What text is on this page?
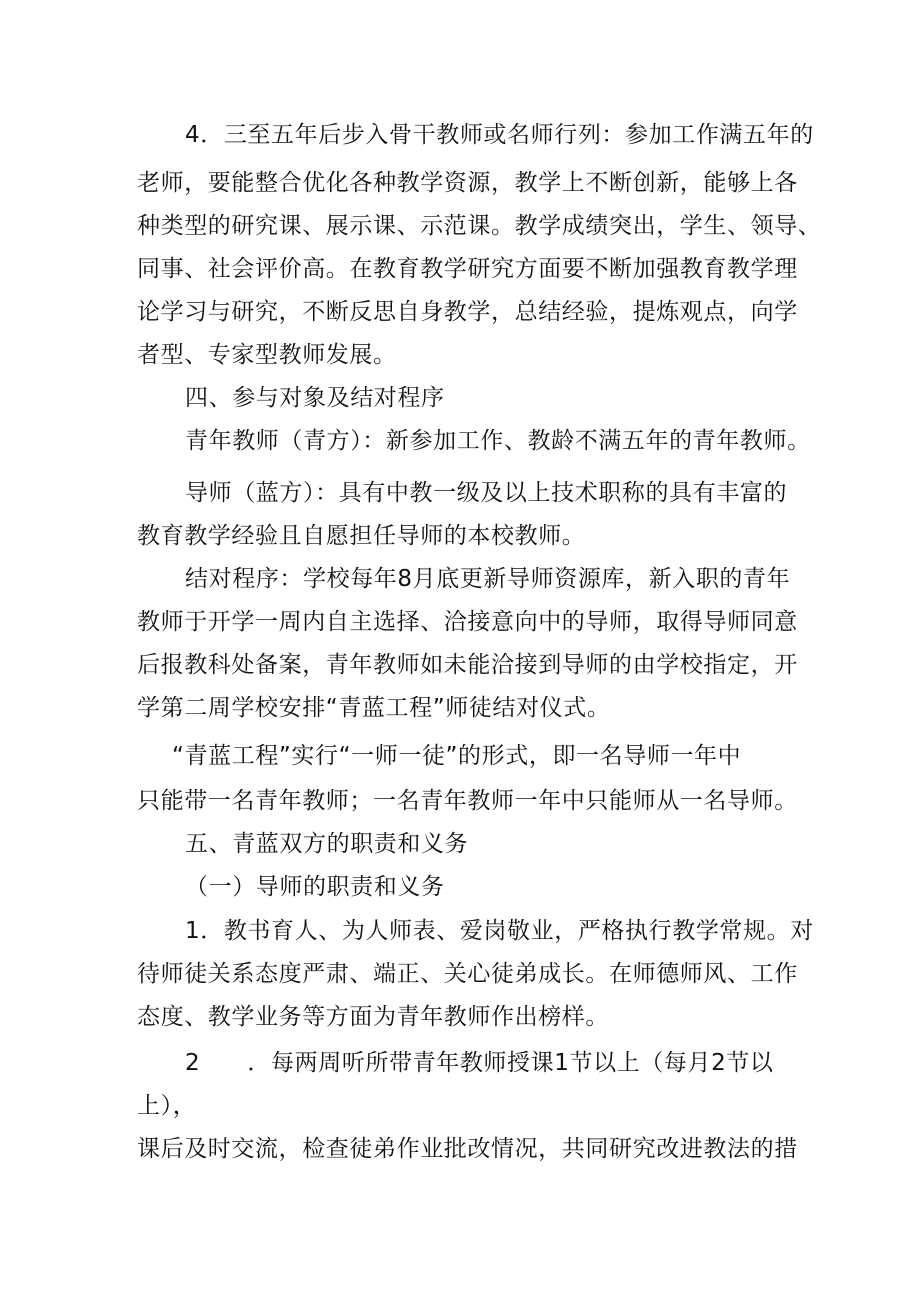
4．三至五年后步入骨干教师或名师行列：参加工作满五年的

老师，要能整合优化各种教学资源，教学上不断创新，能够上各

种类型的研究课、展示课、示范课。教学成绩突出，学生、领导、

同事、社会评价高。在教育教学研究方面要不断加强教育教学理

论学习与研究，不断反思自身教学，总结经验，提炼观点，向学

者型、专家型教师发展。

四、参与对象及结对程序

青年教师（青方）：新参加工作、教龄不满五年的青年教师。

导师（蓝方）：具有中教一级及以上技术职称的具有丰富的

教育教学经验且自愿担任导师的本校教师。

结对程序：学校每年8月底更新导师资源库，新入职的青年

教师于开学一周内自主选择、洽接意向中的导师，取得导师同意

后报教科处备案，青年教师如未能洽接到导师的由学校指定，开

学第二周学校安排“青蓝工程”师徒结对仪式。

“青蓝工程”实行“一师一徒”的形式，即一名导师一年中

只能带一名青年教师；一名青年教师一年中只能师从一名导师。

五、青蓝双方的职责和义务

（一）导师的职责和义务

1．教书育人、为人师表、爱岗敬业，严格执行教学常规。对

待师徒关系态度严肃、端正、关心徒弟成长。在师德师风、工作

态度、教学业务等方面为青年教师作出榜样。

2　　．每两周听所带青年教师授课1节以上（每月2节以

上），

课后及时交流，检查徒弟作业批改情况，共同研究改进教法的措
